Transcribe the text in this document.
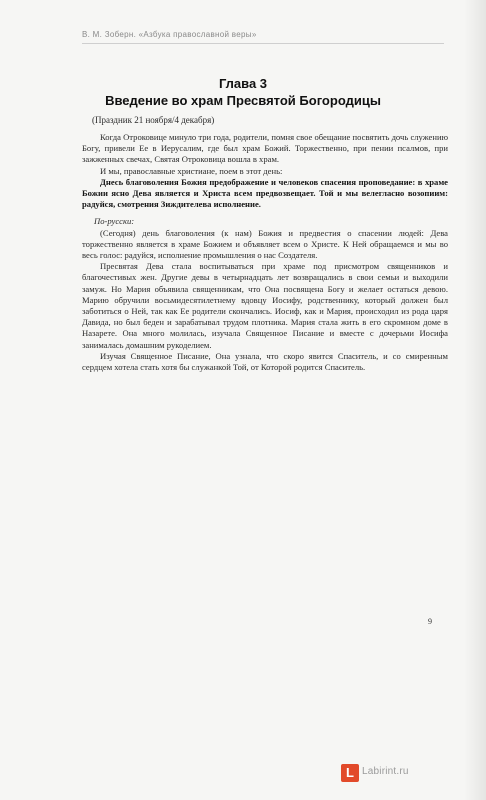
В. М. Зоберн. «Азбука православной веры»
Глава 3
Введение во храм Пресвятой Богородицы
(Праздник 21 ноября/4 декабря)

Когда Отроковице минуло три года, родители, помня свое обещание посвятить дочь служению Богу, привели Ее в Иерусалим, где был храм Божий. Торжественно, при пении псалмов, при зажженных свечах, Святая Отроковица вошла в храм.

И мы, православные христиане, поем в этот день:

Днесь благоволения Божия предображение и человеков спасения проповедание: в храме Божии ясно Дева является и Христа всем предвозвещает. Той и мы велегласно возопиим: радуйся, смотрения Зиждителева исполнение.

По-русски:

(Сегодня) день благоволения (к нам) Божия и предвестия о спасении людей: Дева торжественно является в храме Божием и объявляет всем о Христе. К Ней обращаемся и мы во весь голос: радуйся, исполнение промышления о нас Создателя.

Пресвятая Дева стала воспитываться при храме под присмотром священников и благочестивых жен. Другие девы в четырнадцать лет возвращались в свои семьи и выходили замуж. Но Мария объявила священникам, что Она посвящена Богу и желает остаться девою. Марию обручили восьмидесятилетнему вдовцу Иосифу, родственнику, который должен был заботиться о Ней, так как Ее родители скончались. Иосиф, как и Мария, происходил из рода царя Давида, но был беден и зарабатывал трудом плотника. Мария стала жить в его скромном доме в Назарете. Она много молилась, изучала Священное Писание и вместе с дочерьми Иосифа занималась домашним рукоделием.

Изучая Священное Писание, Она узнала, что скоро явится Спаситель, и со смиренным сердцем хотела стать хотя бы служанкой Той, от Которой родится Спаситель.

9
L Labirint.ru
